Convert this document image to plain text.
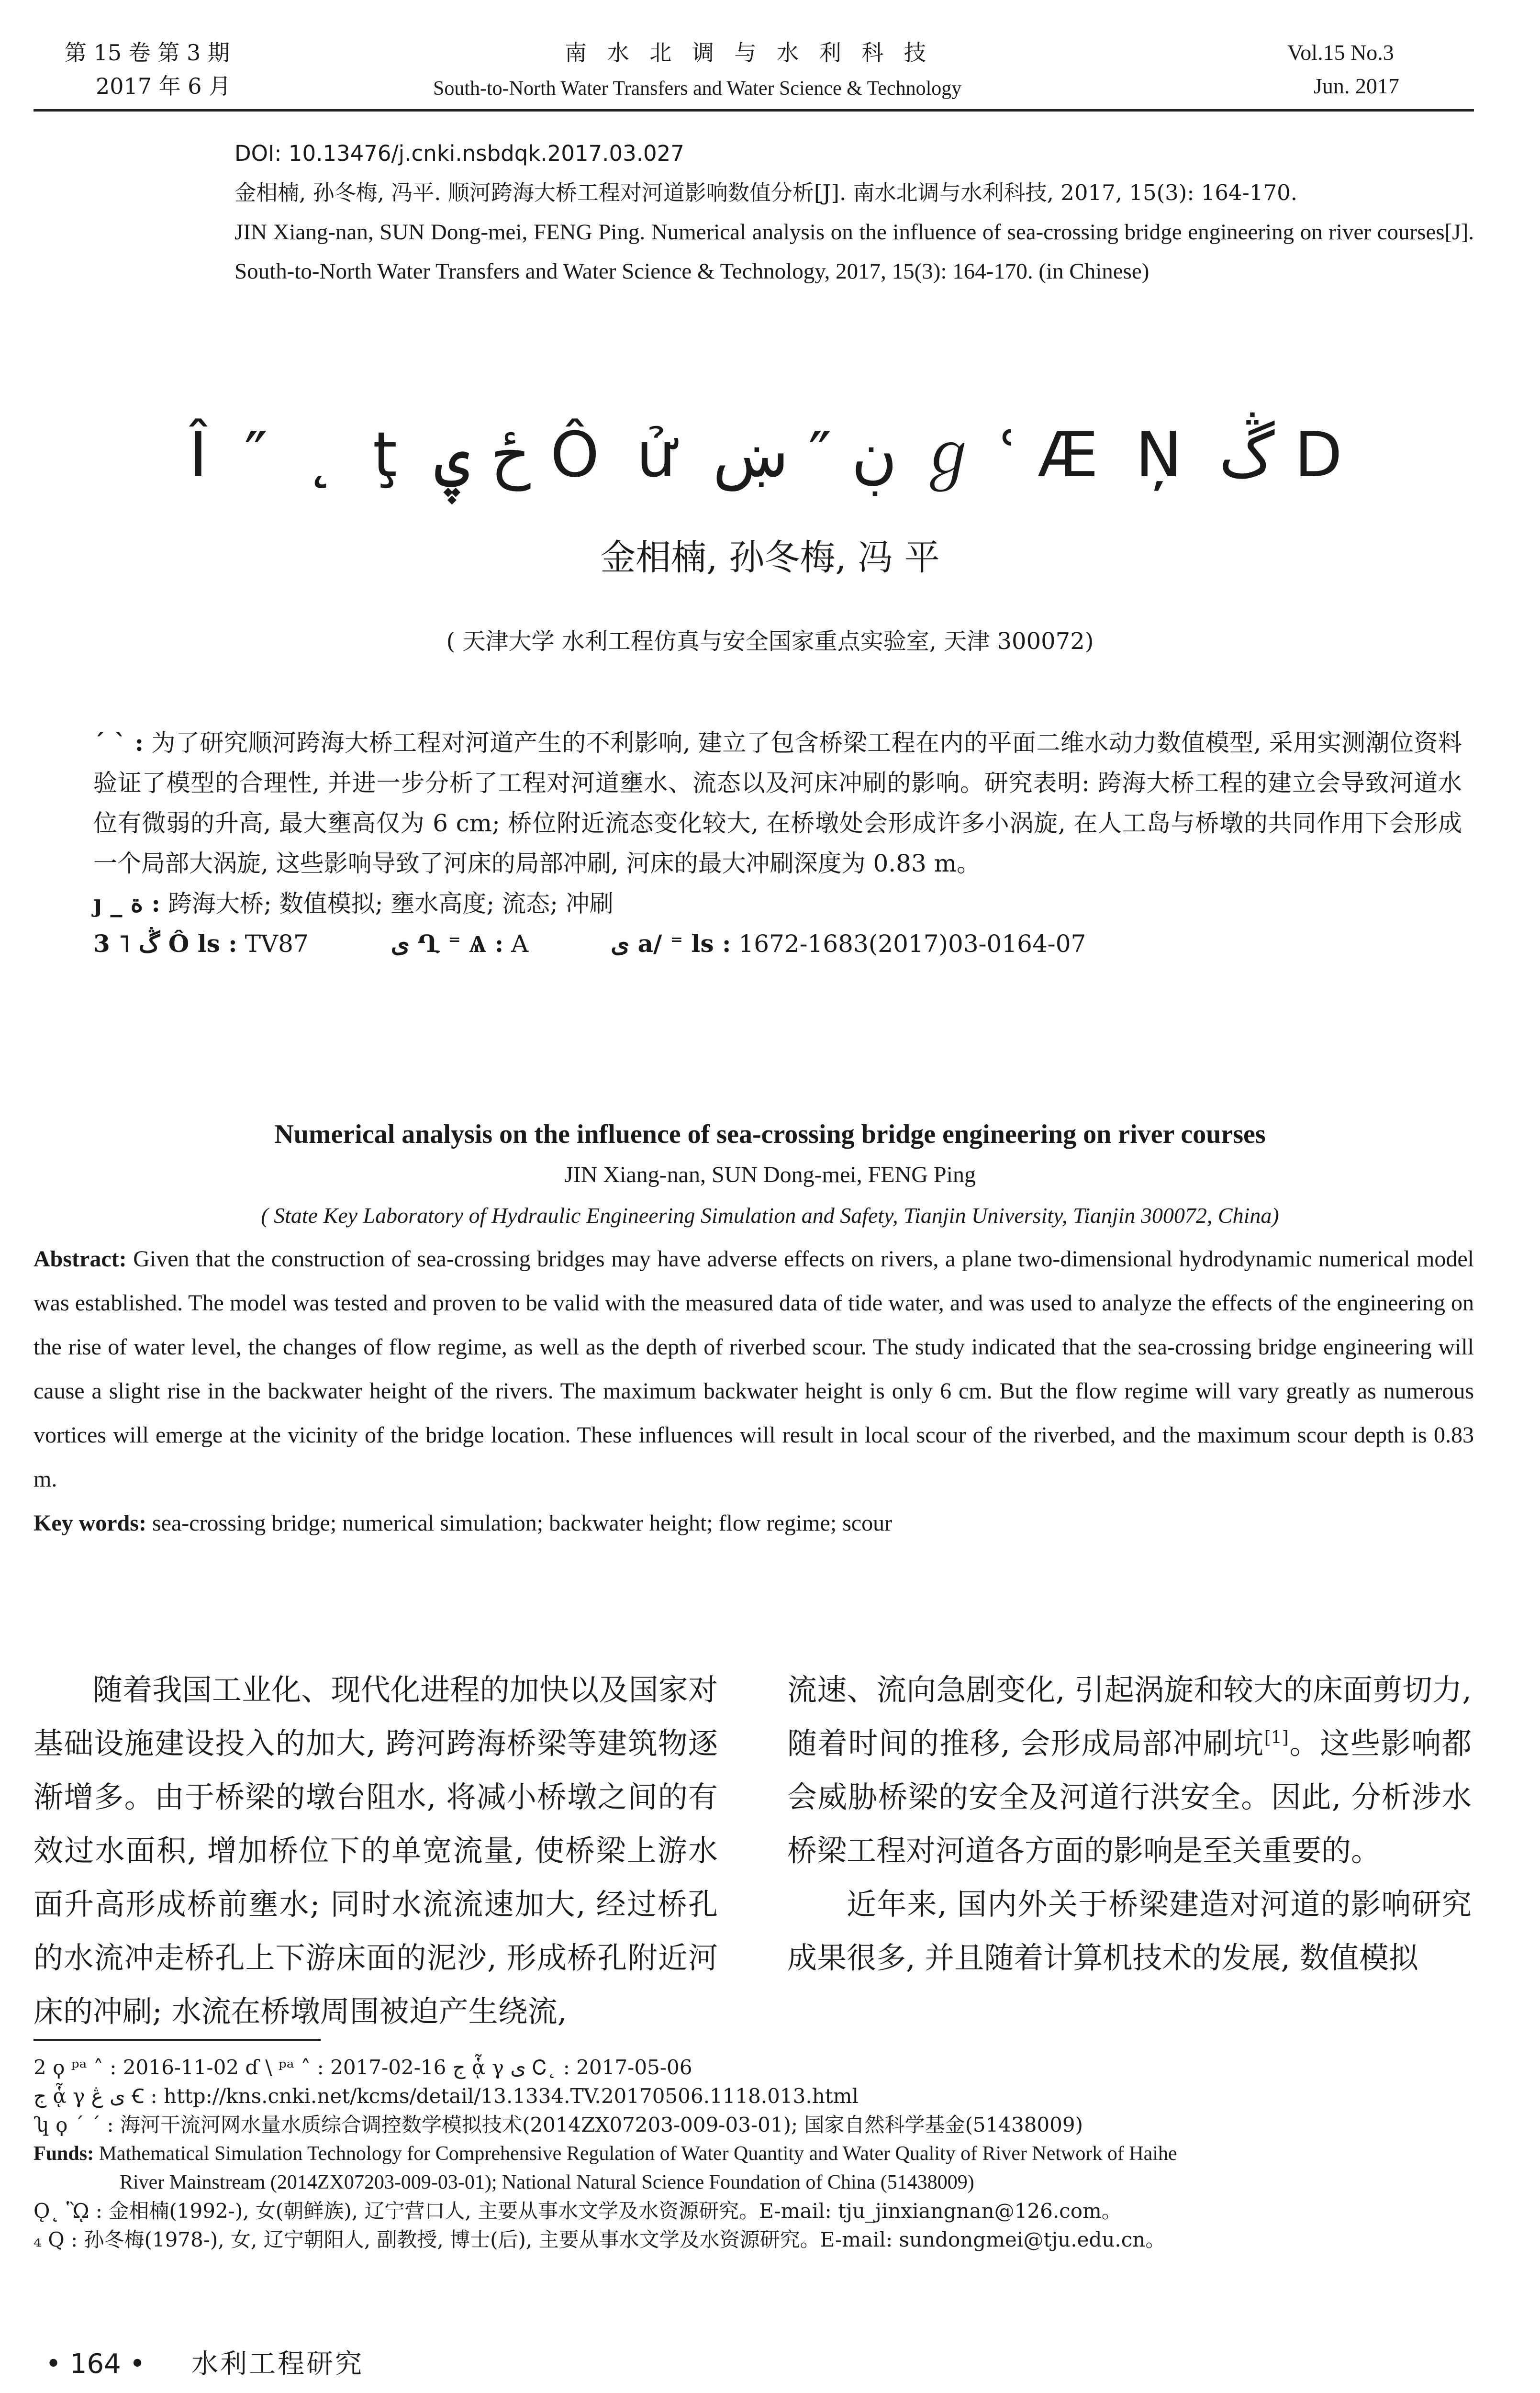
第 15 卷 第 3 期
2017 年 6 月
南 水 北 调 与 水 利 科 技
South-to-North Water Transfers and Water Science & Technology
Vol.15 No.3
Jun. 2017
DOI: 10.13476/j.cnki.nsbdqk.2017.03.027
金相楠, 孙冬梅, 冯平. 顺河跨海大桥工程对河道影响数值分析[J]. 南水北调与水利科技, 2017, 15(3): 164-170.
JIN Xiang-nan, SUN Dong-mei, FENG Ping. Numerical analysis on the influence of sea-crossing bridge engineering on river courses[J]. South-to-North Water Transfers and Water Science & Technology, 2017, 15(3): 164-170. (in Chinese)
Î ″ ˛ ţ ځ ۑ Ô ử ڹ ″ ښ ℊ ʿ Æ Ņ ڴ D
金相楠, 孙冬梅, 冯 平
( 天津大学 水利工程仿真与安全国家重点实验室, 天津 300072)

ˊ ˋ : 为了研究顺河跨海大桥工程对河道产生的不利影响, 建立了包含桥梁工程在内的平面二维水动力数值模型, 采用实测潮位资料验证了模型的合理性, 并进一步分析了工程对河道壅水、流态以及河床冲刷的影响。研究表明: 跨海大桥工程的建立会导致河道水位有微弱的升高, 最大壅高仅为 6 cm; 桥位附近流态变化较大, 在桥墩处会形成许多小涡旋, 在人工岛与桥墩的共同作用下会形成一个局部大涡旋, 这些影响导致了河床的局部冲刷, 河床的最大冲刷深度为 0.83 m。

ȷ _ ة : 跨海大桥; 数值模拟; 壅水高度; 流态; 冲刷

3 ˥ ڴ Ô ls : TV87	ی Ղ ⁼ Ѧ : A	ی a/ ⁼ ls : 1672-1683(2017)03-0164-07

Numerical analysis on the influence of sea-crossing bridge engineering on river courses
JIN Xiang-nan, SUN Dong-mei, FENG Ping
( State Key Laboratory of Hydraulic Engineering Simulation and Safety, Tianjin University, Tianjin 300072, China)

Abstract: Given that the construction of sea-crossing bridges may have adverse effects on rivers, a plane two-dimensional hydrodynamic numerical model was established. The model was tested and proven to be valid with the measured data of tide water, and was used to analyze the effects of the engineering on the rise of water level, the changes of flow regime, as well as the depth of riverbed scour. The study indicated that the sea-crossing bridge engineering will cause a slight rise in the backwater height of the rivers. The maximum backwater height is only 6 cm. But the flow regime will vary greatly as numerous vortices will emerge at the vicinity of the bridge location. These influences will result in local scour of the riverbed, and the maximum scour depth is 0.83 m.

Key words: sea-crossing bridge; numerical simulation; backwater height; flow regime; scour

随着我国工业化、现代化进程的加快以及国家对基础设施建设投入的加大, 跨河跨海桥梁等建筑物逐渐增多。由于桥梁的墩台阻水, 将减小桥墩之间的有效过水面积, 增加桥位下的单宽流量, 使桥梁上游水面升高形成桥前壅水; 同时水流流速加大, 经过桥孔的水流冲走桥孔上下游床面的泥沙, 形成桥孔附近河床的冲刷; 水流在桥墩周围被迫产生绕流,

流速、流向急剧变化, 引起涡旋和较大的床面剪切力, 随着时间的推移, 会形成局部冲刷坑[1]。这些影响都会威胁桥梁的安全及河道行洪安全。因此, 分析涉水桥梁工程对河道各方面的影响是至关重要的。

近年来, 国内外关于桥梁建造对河道的影响研究成果很多, 并且随着计算机技术的发展, 数值模拟

2 ϙ ᵖᵃ ˄ : 2016-11-02 ɗ \ ᵖᵃ ˄ : 2017-02-16 ج ᾇ γ ی Ꮯ˛ : 2017-05-06
ج ᾇ γ ی ڠ Ꞓ : http://kns.cnki.net/kcms/detail/13.1334.TV.20170506.1118.013.html
ʮ ϙ ´ ´ : 海河干流河网水量水质综合调控数学模拟技术(2014ZX07203-009-03-01); 国家自然科学基金(51438009)
Funds: Mathematical Simulation Technology for Comprehensive Regulation of Water Quantity and Water Quality of River Network of Haihe
River Mainstream (2014ZX07203-009-03-01); National Natural Science Foundation of China (51438009)
Ǫ˛ ᾫ : 金相楠(1992-), 女(朝鲜族), 辽宁营口人, 主要从事水文学及水资源研究。E-mail: tju_jinxiangnan@126.com。
₄ Q : 孙冬梅(1978-), 女, 辽宁朝阳人, 副教授, 博士(后), 主要从事水文学及水资源研究。E-mail: sundongmei@tju.edu.cn。
• 164 • 水利工程研究
